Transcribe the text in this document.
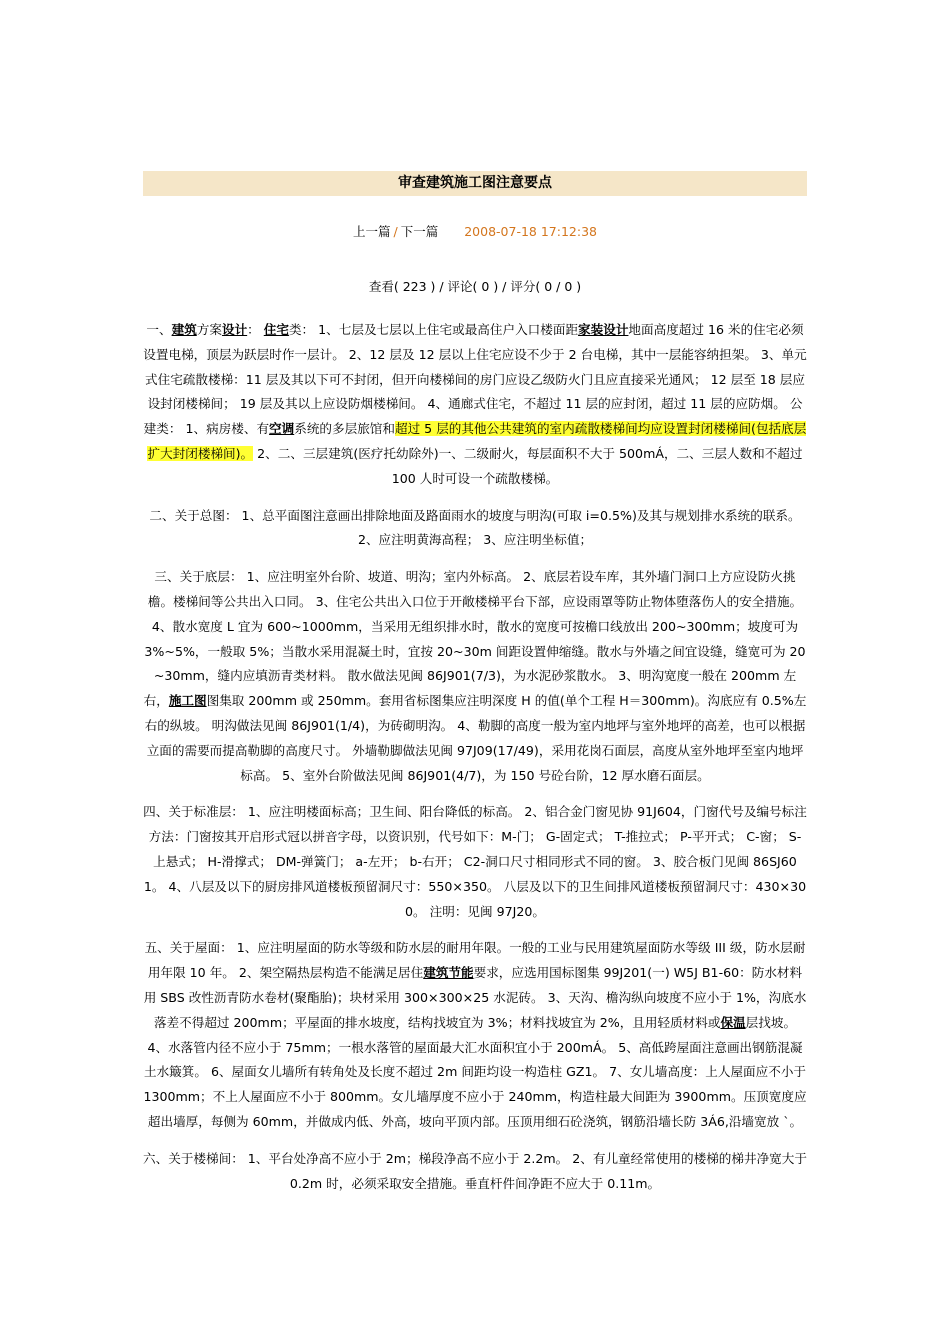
审查建筑施工图注意要点
上一篇 / 下一篇 2008-07-18 17:12:38
查看( 223 ) / 评论( 0 ) / 评分( 0 / 0 )

一、建筑方案设计： 住宅类： 1、七层及七层以上住宅或最高住户入口楼面距家装设计地面高度超过 16 米的住宅必须设置电梯，顶层为跃层时作一层计。 2、12 层及 12 层以上住宅应设不少于 2 台电梯，其中一层能容纳担架。 3、单元式住宅疏散楼梯：11 层及其以下可不封闭，但开向楼梯间的房门应设乙级防火门且应直接采光通风； 12 层至 18 层应设封闭楼梯间； 19 层及其以上应设防烟楼梯间。 4、通廊式住宅，不超过 11 层的应封闭，超过 11 层的应防烟。 公建类： 1、病房楼、有空调系统的多层旅馆和超过 5 层的其他公共建筑的室内疏散楼梯间均应设置封闭楼梯间(包括底层扩大封闭楼梯间)。 2、二、三层建筑(医疗托幼除外)一、二级耐火，每层面积不大于 500mÁ，二、三层人数和不超过 100 人时可设一个疏散楼梯。

二、关于总图： 1、总平面图注意画出排除地面及路面雨水的坡度与明沟(可取 i=0.5%)及其与规划排水系统的联系。 2、应注明黄海高程； 3、应注明坐标值；

三、关于底层： 1、应注明室外台阶、坡道、明沟；室内外标高。 2、底层若设车库，其外墙门洞口上方应设防火挑檐。楼梯间等公共出入口同。 3、住宅公共出入口位于开敞楼梯平台下部，应设雨罩等防止物体堕落伤人的安全措施。 4、散水宽度 L 宜为 600~1000mm，当采用无组织排水时，散水的宽度可按檐口线放出 200~300mm；坡度可为 3%~5%，一般取 5%；当散水采用混凝土时，宜按 20~30m 间距设置伸缩缝。散水与外墙之间宜设缝，缝宽可为 20~30mm，缝内应填沥青类材料。 散水做法见闽 86J901(7/3)，为水泥砂浆散水。 3、明沟宽度一般在 200mm 左右，施工图图集取 200mm 或 250mm。套用省标图集应注明深度 H 的值(单个工程 H＝300mm)。沟底应有 0.5%左右的纵坡。 明沟做法见闽 86J901(1/4)，为砖砌明沟。 4、勒脚的高度一般为室内地坪与室外地坪的高差，也可以根据立面的需要而提高勒脚的高度尺寸。 外墙勒脚做法见闽 97J09(17/49)，采用花岗石面层，高度从室外地坪至室内地坪标高。 5、室外台阶做法见闽 86J901(4/7)，为 150 号砼台阶，12 厚水磨石面层。

四、关于标准层： 1、应注明楼面标高；卫生间、阳台降低的标高。 2、铝合金门窗见协 91J604，门窗代号及编号标注方法：门窗按其开启形式冠以拼音字母，以资识别，代号如下：M-门； G-固定式； T-推拉式； P-平开式； C-窗； S-上悬式； H-滑撑式； DM-弹簧门； a-左开； b-右开； C2-洞口尺寸相同形式不同的窗。 3、胶合板门见闽 86SJ601。 4、八层及以下的厨房排风道楼板预留洞尺寸：550×350。 八层及以下的卫生间排风道楼板预留洞尺寸：430×300。 注明：见闽 97J20。

五、关于屋面： 1、应注明屋面的防水等级和防水层的耐用年限。一般的工业与民用建筑屋面防水等级 III 级，防水层耐用年限 10 年。 2、架空隔热层构造不能满足居住建筑节能要求，应选用国标图集 99J201(一) W5J B1-60：防水材料用 SBS 改性沥青防水卷材(聚酯胎)；块材采用 300×300×25 水泥砖。 3、天沟、檐沟纵向坡度不应小于 1%，沟底水落差不得超过 200mm；平屋面的排水坡度，结构找坡宜为 3%；材料找坡宜为 2%，且用轻质材料或保温层找坡。 4、水落管内径不应小于 75mm；一根水落管的屋面最大汇水面积宜小于 200mÁ。 5、高低跨屋面注意画出钢筋混凝土水簸箕。 6、屋面女儿墙所有转角处及长度不超过 2m 间距均设一构造柱 GZ1。 7、女儿墙高度：上人屋面应不小于 1300mm；不上人屋面应不小于 800mm。女儿墙厚度不应小于 240mm，构造柱最大间距为 3900mm。压顶宽度应超出墙厚，每侧为 60mm，并做成内低、外高，坡向平顶内部。压顶用细石砼浇筑，钢筋沿墙长防 3Á6,沿墙宽放 `。

六、关于楼梯间： 1、平台处净高不应小于 2m；梯段净高不应小于 2.2m。 2、有儿童经常使用的楼梯的梯井净宽大于 0.2m 时，必须采取安全措施。垂直杆件间净距不应大于 0.11m。
